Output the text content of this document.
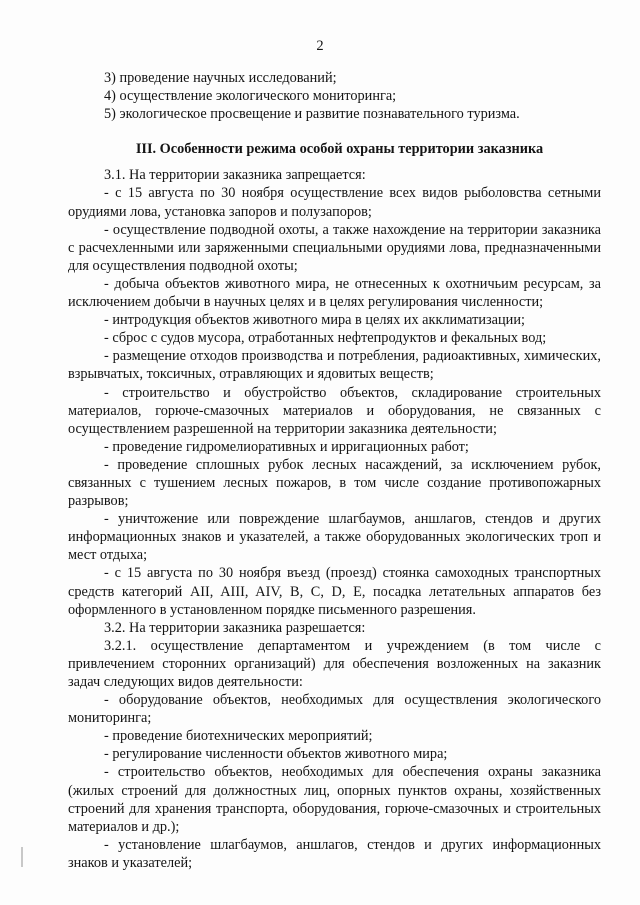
2
3) проведение научных исследований;
4) осуществление экологического мониторинга;
5) экологическое просвещение и развитие познавательного туризма.
III. Особенности режима особой охраны территории заказника

3.1. На территории заказника запрещается:

- с 15 августа по 30 ноября осуществление всех видов рыболовства сетными орудиями лова, установка запоров и полузапоров;

- осуществление подводной охоты, а также нахождение на территории заказника с расчехленными или заряженными специальными орудиями лова, предназначенными для осуществления подводной охоты;

- добыча объектов животного мира, не отнесенных к охотничьим ресурсам, за исключением добычи в научных целях и в целях регулирования численности;

- интродукция объектов животного мира в целях их акклиматизации;

- сброс с судов мусора, отработанных нефтепродуктов и фекальных вод;

- размещение отходов производства и потребления, радиоактивных, химических, взрывчатых, токсичных, отравляющих и ядовитых веществ;

- строительство и обустройство объектов, складирование строительных материалов, горюче-смазочных материалов и оборудования, не связанных с осуществлением разрешенной на территории заказника деятельности;

- проведение гидромелиоративных и ирригационных работ;

- проведение сплошных рубок лесных насаждений, за исключением рубок, связанных с тушением лесных пожаров, в том числе создание противопожарных разрывов;

- уничтожение или повреждение шлагбаумов, аншлагов, стендов и других информационных знаков и указателей, а также оборудованных экологических троп и мест отдыха;

- с 15 августа по 30 ноября въезд (проезд) стоянка самоходных транспортных средств категорий AII, AIII, AIV, B, C, D, E, посадка летательных аппаратов без оформленного в установленном порядке письменного разрешения.

3.2. На территории заказника разрешается:

3.2.1. осуществление департаментом и учреждением (в том числе с привлечением сторонних организаций) для обеспечения возложенных на заказник задач следующих видов деятельности:

- оборудование объектов, необходимых для осуществления экологического мониторинга;

- проведение биотехнических мероприятий;

- регулирование численности объектов животного мира;

- строительство объектов, необходимых для обеспечения охраны заказника (жилых строений для должностных лиц, опорных пунктов охраны, хозяйственных строений для хранения транспорта, оборудования, горюче-смазочных и строительных материалов и др.);

- установление шлагбаумов, аншлагов, стендов и других информационных знаков и указателей;
